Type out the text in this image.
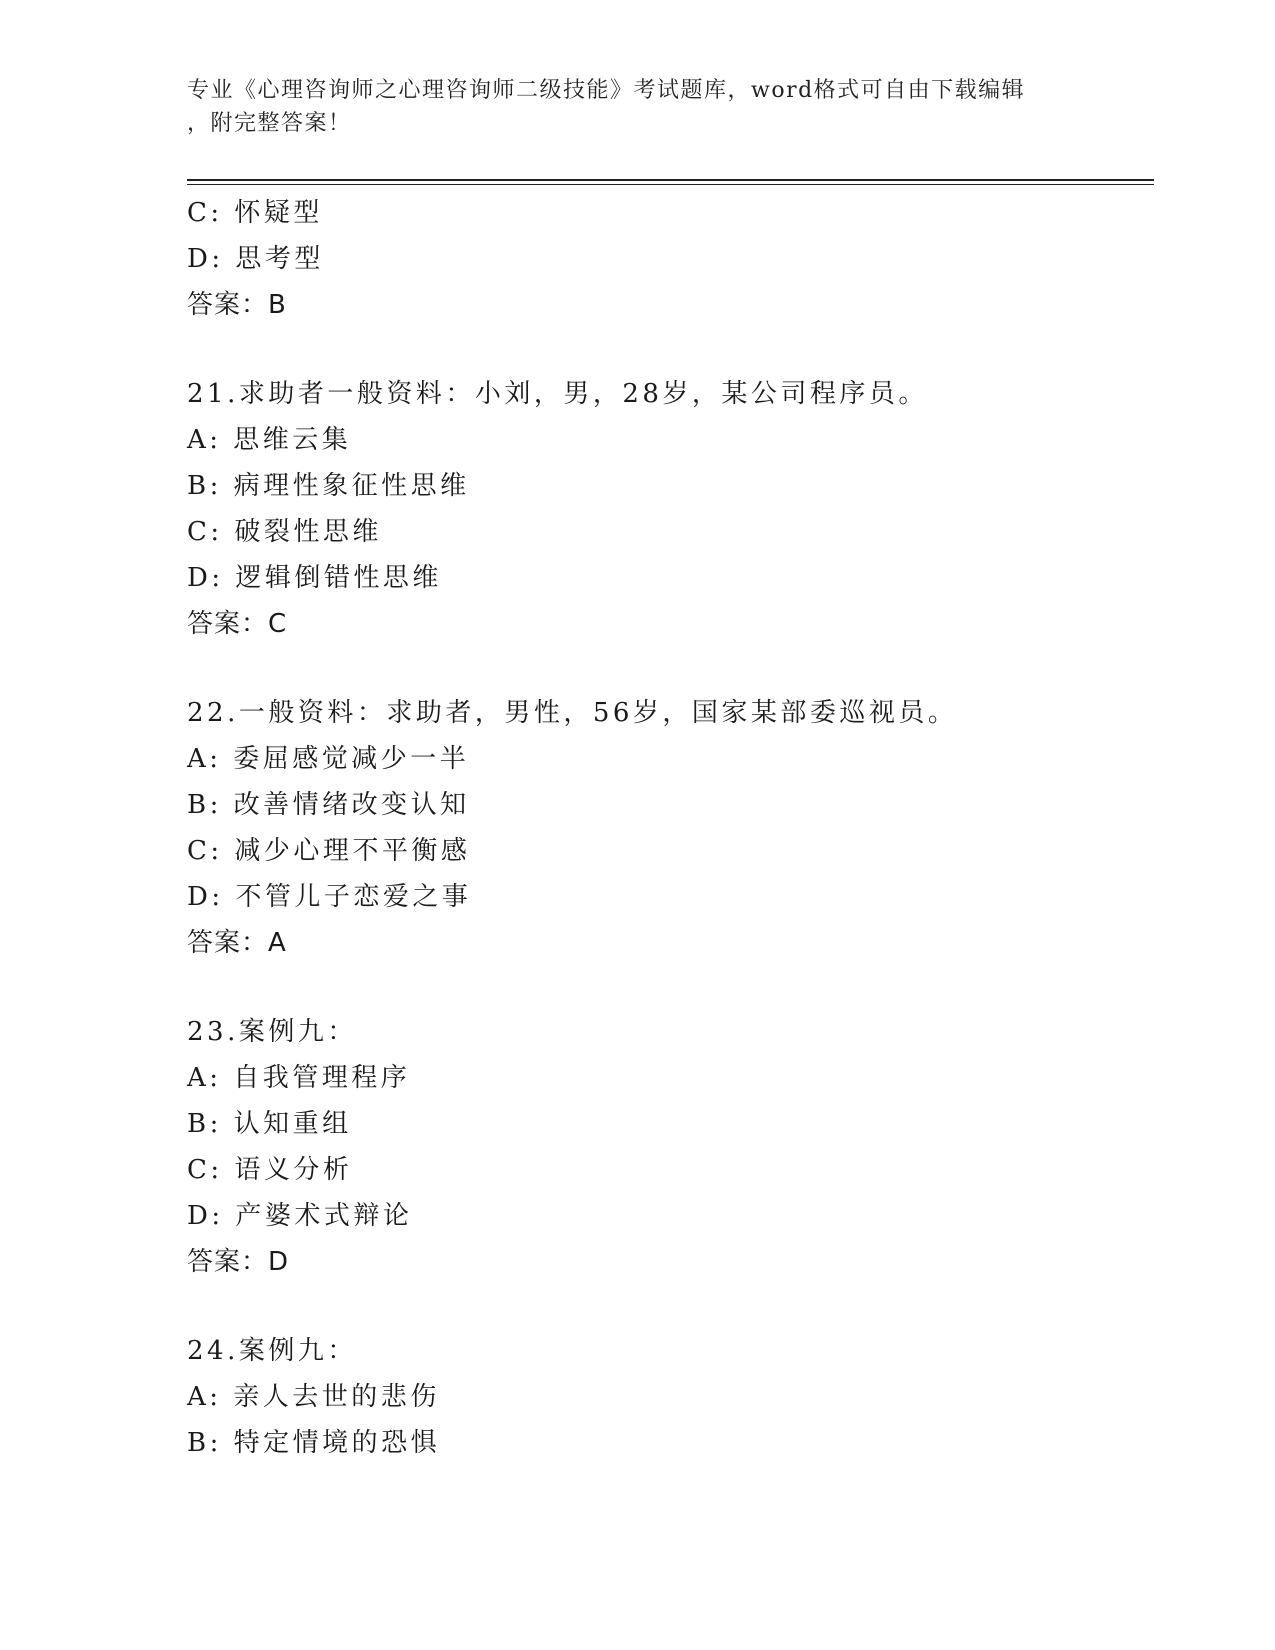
专业《心理咨询师之心理咨询师二级技能》考试题库，word格式可自由下载编辑
，附完整答案！
C: 怀疑型
D: 思考型
答案：B
21.求助者一般资料：小刘，男，28岁，某公司程序员。
A: 思维云集
B: 病理性象征性思维
C: 破裂性思维
D: 逻辑倒错性思维
答案：C
22.一般资料：求助者，男性，56岁，国家某部委巡视员。
A: 委屈感觉减少一半
B: 改善情绪改变认知
C: 减少心理不平衡感
D: 不管儿子恋爱之事
答案：A
23.案例九：
A: 自我管理程序
B: 认知重组
C: 语义分析
D: 产婆术式辩论
答案：D
24.案例九：
A: 亲人去世的悲伤
B: 特定情境的恐惧
